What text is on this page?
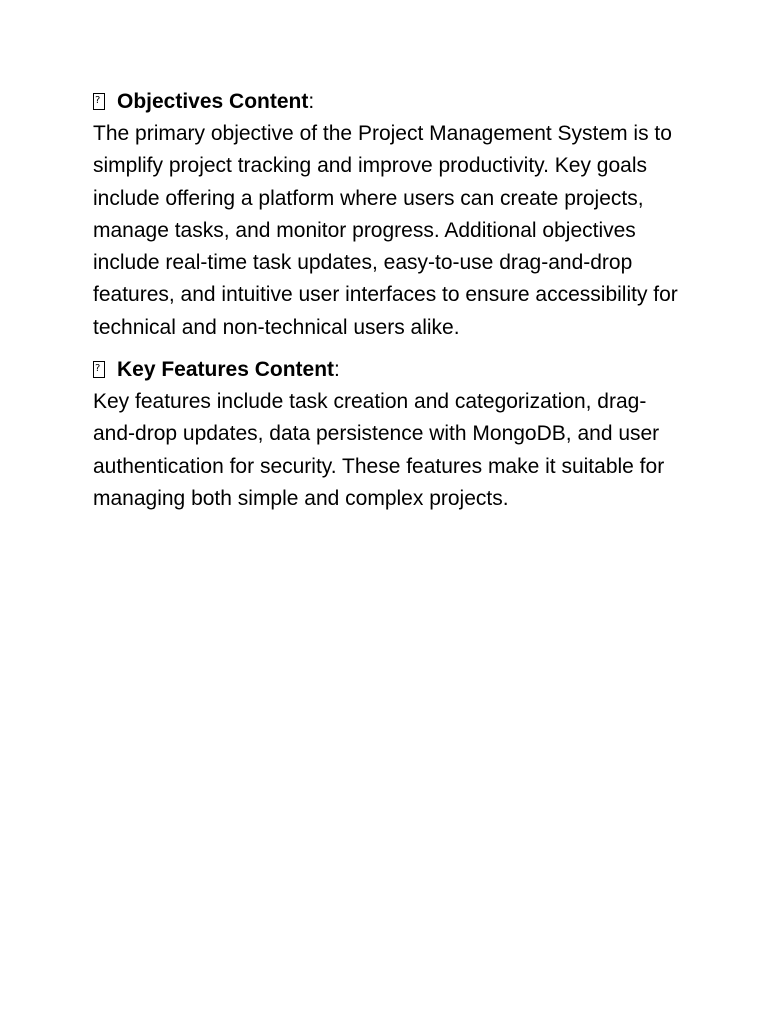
?Objectives Content:

The primary objective of the Project Management System is to simplify project tracking and improve productivity. Key goals include offering a platform where users can create projects, manage tasks, and monitor progress. Additional objectives include real-time task updates, easy-to-use drag-and-drop features, and intuitive user interfaces to ensure accessibility for technical and non-technical users alike.

?Key Features Content:

Key features include task creation and categorization, drag-and-drop updates, data persistence with MongoDB, and user authentication for security. These features make it suitable for managing both simple and complex projects.
